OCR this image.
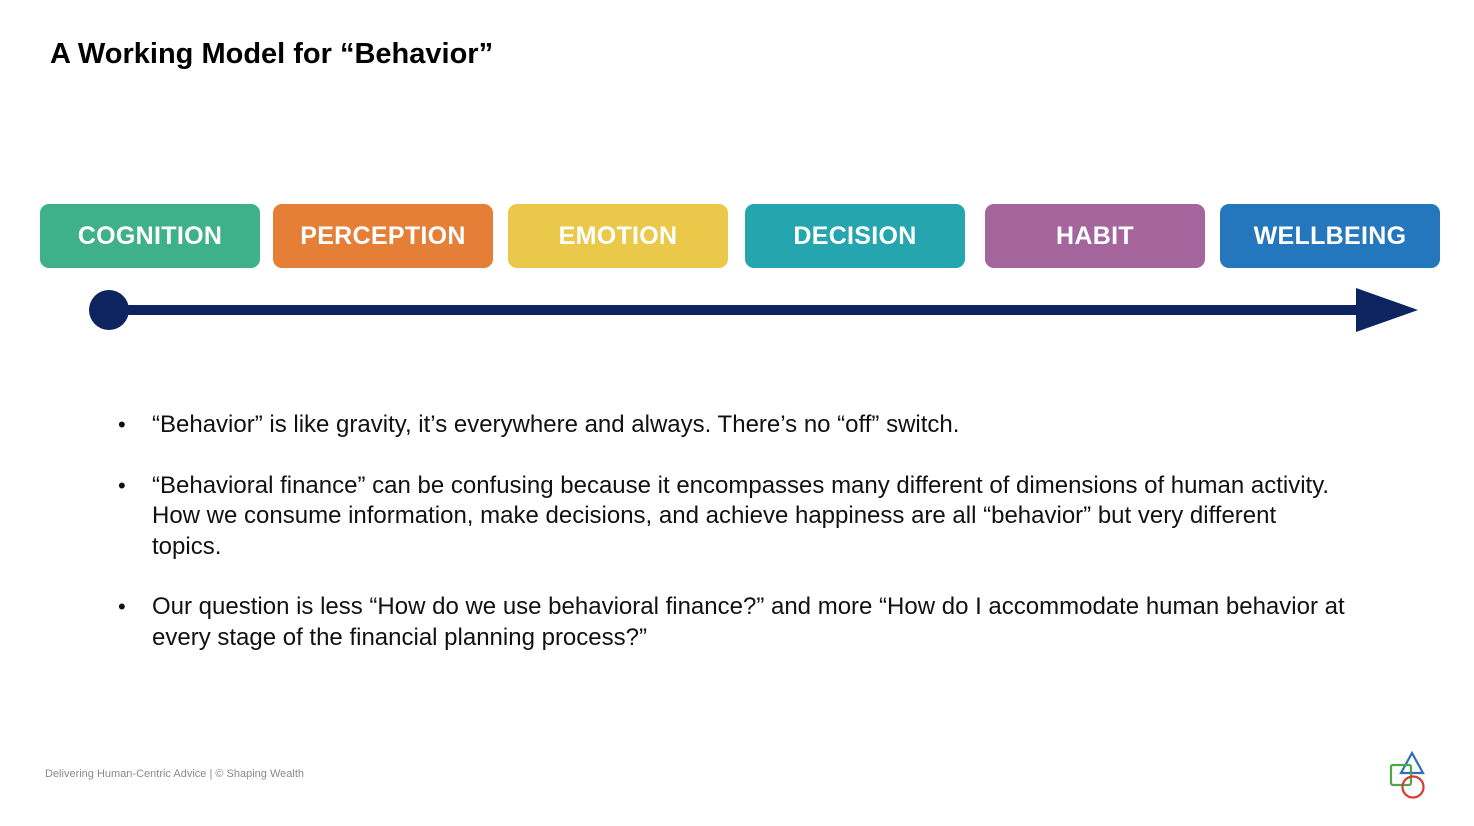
A Working Model for “Behavior”
COGNITION	PERCEPTION	EMOTION	DECISION	HABIT	WELLBEING
• “Behavior” is like gravity, it’s everywhere and always. There’s no “off” switch.
• “Behavioral finance” can be confusing because it encompasses many different of dimensions of human activity. How we consume information, make decisions, and achieve happiness are all “behavior” but very different topics.
• Our question is less “How do we use behavioral finance?” and more “How do I accommodate human behavior at every stage of the financial planning process?”
Delivering Human-Centric Advice | © Shaping Wealth
